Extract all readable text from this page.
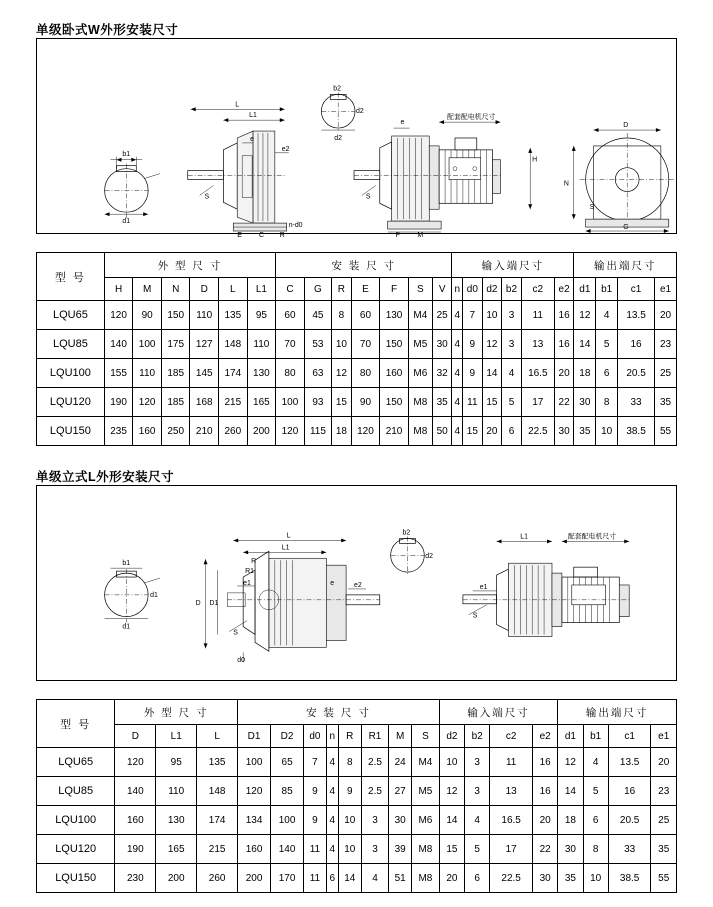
单级卧式W外形安装尺寸
b1
d1
L1
L
e
e2
E C R
n-d0
S
b2
d2
d2
F	M
S
e
配套配电机尺寸
H
D
N
G
S
型 号	外 型 尺 寸						安 装 尺 寸							输入端尺寸						输出端尺寸			
	H	M	N	D	L	L1	C	G	R	E	F	S	V	n	d0	d2	b2	c2	e2	d1	b1	c1	e1
LQU65	120	90	150	110	135	95	60	45	8	60	130	M4	25	4	7	10	3	11	16	12	4	13.5	20
LQU85	140	100	175	127	148	110	70	53	10	70	150	M5	30	4	9	12	3	13	16	14	5	16	23
LQU100	155	110	185	145	174	130	80	63	12	80	160	M6	32	4	9	14	4	16.5	20	18	6	20.5	25
LQU120	190	120	185	168	215	165	100	93	15	90	150	M8	35	4	11	15	5	17	22	30	8	33	35
LQU150	235	160	250	210	260	200	120	115	18	120	210	M8	50	4	15	20	6	22.5	30	35	10	38.5	55
单级立式L外形安装尺寸
b1
d1
d1
L
L1
R
R1
e1
D D1
e2
e
S
d0
b2
d2
e1
S
L1	配套配电机尺寸
型 号	外 型 尺 寸			安 装 尺 寸								输入端尺寸				输出端尺寸			
	D	L1	L	D1	D2	d0	n	R	R1	M	S	d2	b2	c2	e2	d1	b1	c1	e1
LQU65	120	95	135	100	65	7	4	8	2.5	24	M4	10	3	11	16	12	4	13.5	20
LQU85	140	110	148	120	85	9	4	9	2.5	27	M5	12	3	13	16	14	5	16	23
LQU100	160	130	174	134	100	9	4	10	3	30	M6	14	4	16.5	20	18	6	20.5	25
LQU120	190	165	215	160	140	11	4	10	3	39	M8	15	5	17	22	30	8	33	35
LQU150	230	200	260	200	170	11	6	14	4	51	M8	20	6	22.5	30	35	10	38.5	55
